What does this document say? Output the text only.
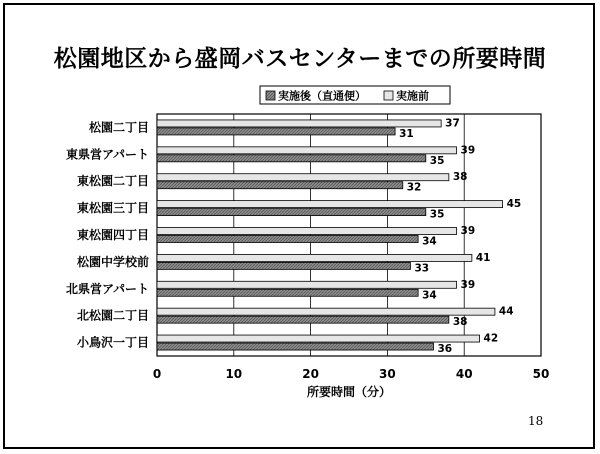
松園地区から盛岡バスセンターまでの所要時間
実施後（直通便）	実施前
0	10	20	30	40	50
所要時間（分）
松園二丁目	37
31
東県営アパート	39
35
東松園二丁目	38
32
東松園三丁目	45
35
東松園四丁目	39
34
松園中学校前	41
33
北県営アパート	39
34
北松園二丁目	44
38
小鳥沢一丁目	42
36
18
